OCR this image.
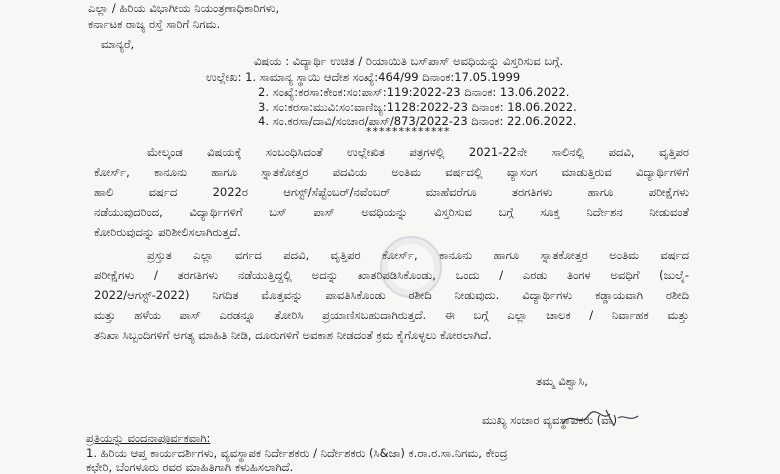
ಎಲ್ಲಾ / ಹಿರಿಯ ವಿಭಾಗೀಯ ನಿಯಂತ್ರಣಾಧಿಕಾರಿಗಳು,
ಕರ್ನಾಟಕ ರಾಜ್ಯ ರಸ್ತೆ ಸಾರಿಗೆ ನಿಗಮ.
ಮಾನ್ಯರೆ,
ವಿಷಯ : ವಿದ್ಯಾರ್ಥಿ ಉಚಿತ / ರಿಯಾಯಿತಿ ಬಸ್‌ಪಾಸ್ ಅವಧಿಯನ್ನು ವಿಸ್ತರಿಸುವ ಬಗ್ಗೆ.
ಉಲ್ಲೇಖ: 1. ಸಾಮಾನ್ಯ ಸ್ಥಾಯಿ ಆದೇಶ ಸಂಖ್ಯೆ:464/99 ದಿನಾಂಕ:17.05.1999
2. ಸಂಖ್ಯೆ:ಕರಸಾ:ಕೇಂಕ:ಸಂ:ಪಾಸ್:119:2022-23 ದಿನಾಂಕ: 13.06.2022.
3. ಸಂ:ಕರಸಾ:ಮುವಿ:ಸಂ:ವಾಣಿಜ್ಯ:1128:2022-23 ದಿನಾಂಕ: 18.06.2022.
4. ಸಂ.ಕರಸಾ/ದಾವಿ/ಸಂಚಾರ/ಪಾಸ್/873/2022-23 ದಿನಾಂಕ: 22.06.2022.
*************
ಮೇಲ್ಕಂಡ ವಿಷಯಕ್ಕೆ ಸಂಬಂಧಿಸಿದಂತೆ ಉಲ್ಲೇಖಿತ ಪತ್ರಗಳಲ್ಲಿ 2021-22ನೇ ಸಾಲಿನಲ್ಲಿ ಪದವಿ, ವೃತ್ತಿಪರ
ಕೋರ್ಸ್, ಕಾನೂನು ಹಾಗೂ ಸ್ನಾತಕೋತ್ತರ ಪದವಿಯ ಅಂತಿಮ ವರ್ಷದಲ್ಲಿ ವ್ಯಾಸಂಗ ಮಾಡುತ್ತಿರುವ ವಿದ್ಯಾರ್ಥಿಗಳಿಗೆ
ಹಾಲಿ ವರ್ಷದ 2022ರ ಆಗಸ್ಟ್/ಸೆಪ್ಟೆಂಬರ್/ನವೆಂಬರ್ ಮಾಹೆವರೆಗೂ ತರಗತಿಗಳು ಹಾಗೂ ಪರೀಕ್ಷೆಗಳು
ನಡೆಯುವುದರಿಂದ, ವಿದ್ಯಾರ್ಥಿಗಳಿಗೆ ಬಸ್ ಪಾಸ್ ಅವಧಿಯನ್ನು ವಿಸ್ತರಿಸುವ ಬಗ್ಗೆ ಸೂಕ್ತ ನಿರ್ದೇಶನ ನೀಡುವಂತೆ
ಕೋರಿರುವುದನ್ನು ಪರಿಶೀಲಿಸಲಾಗಿರುತ್ತದೆ.
ಪ್ರಸ್ತುತ ಎಲ್ಲಾ ವರ್ಗದ ಪದವಿ, ವೃತ್ತಿಪರ ಕೋರ್ಸ್, ಕಾನೂನು ಹಾಗೂ ಸ್ನಾತಕೋತ್ತರ ಅಂತಿಮ ವರ್ಷದ
ಪರೀಕ್ಷೆಗಳು / ತರಗತಿಗಳು ನಡೆಯುತ್ತಿದ್ದಲ್ಲಿ ಅದನ್ನು ಖಾತರಿಪಡಿಸಿಕೊಂಡು, ಒಂದು / ಎರಡು ತಿಂಗಳ ಅವಧಿಗೆ (ಜುಲೈ-
2022/ಆಗಸ್ಟ್-2022) ನಿಗದಿತ ಮೊತ್ತವನ್ನು ಪಾವತಿಸಿಕೊಂಡು ರಶೀದಿ ನೀಡುವುದು. ವಿದ್ಯಾರ್ಥಿಗಳು ಕಡ್ಡಾಯವಾಗಿ ರಶೀದಿ
ಮತ್ತು ಹಳೆಯ ಪಾಸ್ ಎರಡನ್ನೂ ತೋರಿಸಿ ಪ್ರಯಾಣಿಸಬಹುದಾಗಿರುತ್ತದೆ. ಈ ಬಗ್ಗೆ ಎಲ್ಲಾ ಚಾಲಕ / ನಿರ್ವಾಹಕ ಮತ್ತು
ತನಿಖಾ ಸಿಬ್ಬಂದಿಗಳಿಗೆ ಅಗತ್ಯ ಮಾಹಿತಿ ನೀಡಿ, ದೂರುಗಳಿಗೆ ಅವಕಾಶ ನೀಡದಂತೆ ಕ್ರಮ ಕೈಗೊಳ್ಳಲು ಕೋರಲಾಗಿದೆ.
ತಮ್ಮ ವಿಶ್ವಾಸಿ,
ಮುಖ್ಯ ಸಂಚಾರ ವ್ಯವಸ್ಥಾಪಕರು (ವಾ)
ಪ್ರತಿಯನ್ನು ವಂದನಾಪೂರ್ವಕವಾಗಿ:
1. ಹಿರಿಯ ಆಪ್ತ ಕಾರ್ಯದರ್ಶಿಗಳು, ವ್ಯವಸ್ಥಾಪಕ ನಿರ್ದೇಶಕರು / ನಿರ್ದೇಶಕರು (ಸಿ&ಜಾ) ಕ.ರಾ.ರ.ಸಾ.ನಿಗಮ, ಕೇಂದ್ರ
ಕಛೇರಿ, ಬೆಂಗಳೂರು ರವರ ಮಾಹಿತಿಗಾಗಿ ಕಳುಹಿಸಲಾಗಿದೆ.
